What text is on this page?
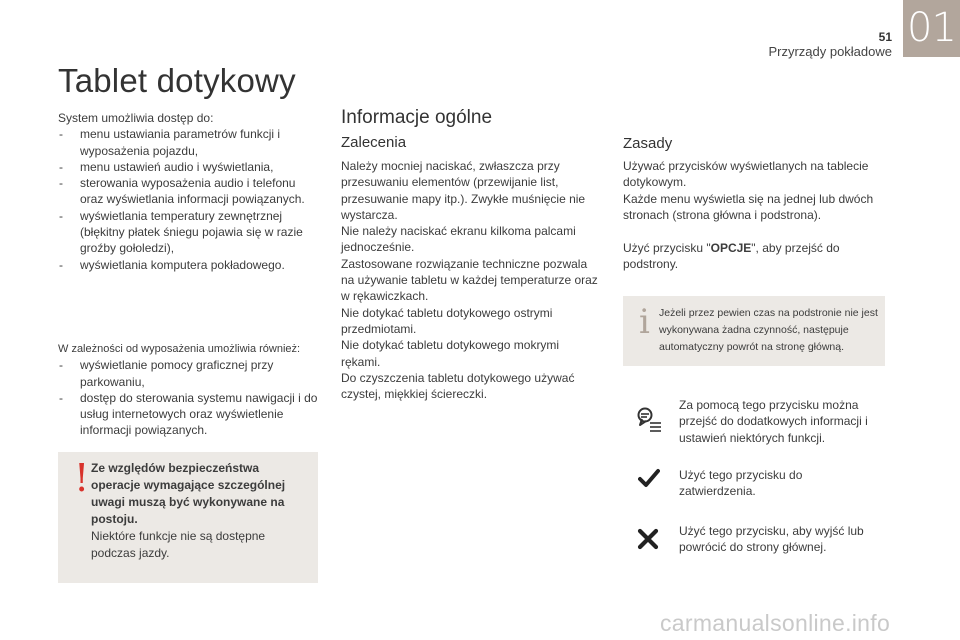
01
51
Przyrządy pokładowe
Tablet dotykowy
System umożliwia dostęp do:
- menu ustawiania parametrów funkcji i wyposażenia pojazdu,
- menu ustawień audio i wyświetlania,
- sterowania wyposażenia audio i telefonu oraz wyświetlania informacji powiązanych.
- wyświetlania temperatury zewnętrznej (błękitny płatek śniegu pojawia się w razie groźby gołoledzi),
- wyświetlania komputera pokładowego.
W zależności od wyposażenia umożliwia również:
- wyświetlanie pomocy graficznej przy parkowaniu,
- dostęp do sterowania systemu nawigacji i do usług internetowych oraz wyświetlenie informacji powiązanych.
! Ze względów bezpieczeństwa operacje wymagające szczególnej uwagi muszą być wykonywane na postoju.
Niektóre funkcje nie są dostępne podczas jazdy.
Informacje ogólne
Zalecenia
Należy mocniej naciskać, zwłaszcza przy przesuwaniu elementów (przewijanie list, przesuwanie mapy itp.). Zwykłe muśnięcie nie wystarcza.
Nie należy naciskać ekranu kilkoma palcami jednocześnie.
Zastosowane rozwiązanie techniczne pozwala na używanie tabletu w każdej temperaturze oraz w rękawiczkach.
Nie dotykać tabletu dotykowego ostrymi przedmiotami.
Nie dotykać tabletu dotykowego mokrymi rękami.
Do czyszczenia tabletu dotykowego używać czystej, miękkiej ściereczki.
Zasady
Używać przycisków wyświetlanych na tablecie dotykowym.
Każde menu wyświetla się na jednej lub dwóch stronach (strona główna i podstrona).
Użyć przycisku "OPCJE", aby przejść do podstrony.
i Jeżeli przez pewien czas na podstronie nie jest wykonywana żadna czynność, następuje automatyczny powrót na stronę główną.
Za pomocą tego przycisku można przejść do dodatkowych informacji i ustawień niektórych funkcji.
Użyć tego przycisku do zatwierdzenia.
Użyć tego przycisku, aby wyjść lub powrócić do strony głównej.
carmanualsonline.info
